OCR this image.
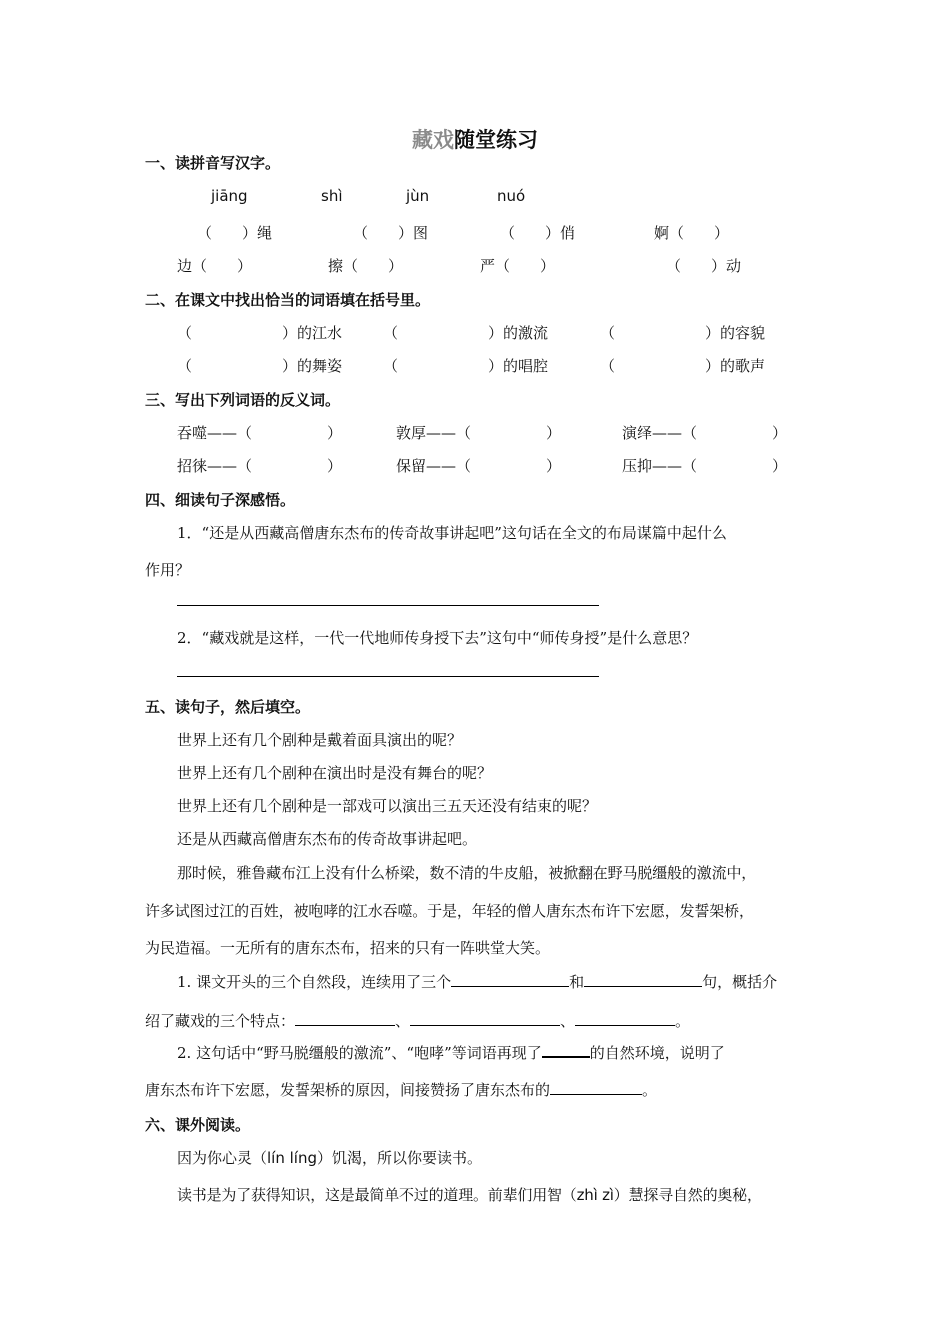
藏戏随堂练习
一、读拼音写汉字。
jiāng	shì	jùn	nuó
（　　）绳	（　　）图	（　　）俏	婀（　　）
边（　　）	擦（　　）	严（　　）	（　　）动
二、在课文中找出恰当的词语填在括号里。
（　　　　　　）的江水	（　　　　　　）的激流	（　　　　　　）的容貌
（　　　　　　）的舞姿	（　　　　　　）的唱腔	（　　　　　　）的歌声
三、写出下列词语的反义词。
吞噬——（　　　　　）	敦厚——（　　　　　）	演绎——（　　　　　）
招徕——（　　　　　）	保留——（　　　　　）	压抑——（　　　　　）
四、细读句子深感悟。
1．“还是从西藏高僧唐东杰布的传奇故事讲起吧”这句话在全文的布局谋篇中起什么
作用？
2．“藏戏就是这样，一代一代地师传身授下去”这句中“师传身授”是什么意思？
五、读句子，然后填空。
世界上还有几个剧种是戴着面具演出的呢？
世界上还有几个剧种在演出时是没有舞台的呢？
世界上还有几个剧种是一部戏可以演出三五天还没有结束的呢？
还是从西藏高僧唐东杰布的传奇故事讲起吧。
那时候，雅鲁藏布江上没有什么桥梁，数不清的牛皮船，被掀翻在野马脱缰般的激流中，
许多试图过江的百姓，被咆哮的江水吞噬。于是，年轻的僧人唐东杰布许下宏愿，发誓架桥，
为民造福。一无所有的唐东杰布，招来的只有一阵哄堂大笑。
1. 课文开头的三个自然段，连续用了三个	和	句，概括介
绍了藏戏的三个特点：	、	、	。
2. 这句话中“野马脱缰般的激流”、“咆哮”等词语再现了	的自然环境，说明了
唐东杰布许下宏愿，发誓架桥的原因，间接赞扬了唐东杰布的	。
六、课外阅读。
因为你心灵（lín líng）饥渴，所以你要读书。
读书是为了获得知识，这是最简单不过的道理。前辈们用智（zhì zì）慧探寻自然的奥秘，
